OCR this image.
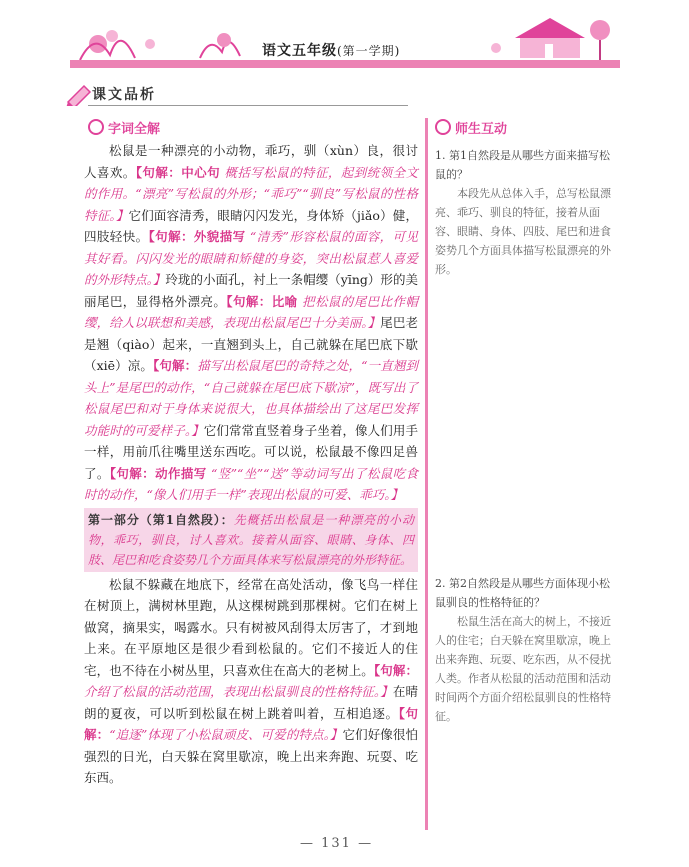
语文五年级(第一学期)
课文品析
字词全解	师生互动

松鼠是一种漂亮的小动物，乖巧，驯（xùn）良，很讨人喜欢。【句解：中心句 概括写松鼠的特征，起到统领全文的作用。“漂亮”写松鼠的外形；“乖巧”“驯良”写松鼠的性格特征。】它们面容清秀，眼睛闪闪发光，身体矫（jiǎo）健，四肢轻快。【句解：外貌描写 “清秀”形容松鼠的面容，可见其好看。闪闪发光的眼睛和矫健的身姿，突出松鼠惹人喜爱的外形特点。】玲珑的小面孔，衬上一条帽缨（yīng）形的美丽尾巴，显得格外漂亮。【句解：比喻 把松鼠的尾巴比作帽缨，给人以联想和美感，表现出松鼠尾巴十分美丽。】尾巴老是翘（qiào）起来，一直翘到头上，自己就躲在尾巴底下歇（xiē）凉。【句解：描写出松鼠尾巴的奇特之处，“一直翘到头上”是尾巴的动作，“自己就躲在尾巴底下歇凉”，既写出了松鼠尾巴和对于身体来说很大，也具体描绘出了这尾巴发挥功能时的可爱样子。】它们常常直竖着身子坐着，像人们用手一样，用前爪往嘴里送东西吃。可以说，松鼠最不像四足兽了。【句解：动作描写 “竖”“坐”“送”等动词写出了松鼠吃食时的动作，“像人们用手一样”表现出松鼠的可爱、乖巧。】

第一部分（第1自然段）：先概括出松鼠是一种漂亮的小动物，乖巧，驯良，讨人喜欢。接着从面容、眼睛、身体、四肢、尾巴和吃食姿势几个方面具体来写松鼠漂亮的外形特征。

松鼠不躲藏在地底下，经常在高处活动，像飞鸟一样住在树顶上，满树林里跑，从这棵树跳到那棵树。它们在树上做窝，摘果实，喝露水。只有树被风刮得太厉害了，才到地上来。在平原地区是很少看到松鼠的。它们不接近人的住宅，也不待在小树丛里，只喜欢住在高大的老树上。【句解：介绍了松鼠的活动范围，表现出松鼠驯良的性格特征。】在晴朗的夏夜，可以听到松鼠在树上跳着叫着，互相追逐。【句解：“追逐”体现了小松鼠顽皮、可爱的特点。】它们好像很怕强烈的日光，白天躲在窝里歇凉，晚上出来奔跑、玩耍、吃东西。

1. 第1自然段是从哪些方面来描写松鼠的？

本段先从总体入手，总写松鼠漂亮、乖巧、驯良的特征，接着从面容、眼睛、身体、四肢、尾巴和进食姿势几个方面具体描写松鼠漂亮的外形。

2. 第2自然段是从哪些方面体现小松鼠驯良的性格特征的？

松鼠生活在高大的树上，不接近人的住宅；白天躲在窝里歇凉，晚上出来奔跑、玩耍、吃东西，从不侵扰人类。作者从松鼠的活动范围和活动时间两个方面介绍松鼠驯良的性格特征。

— 131 —
